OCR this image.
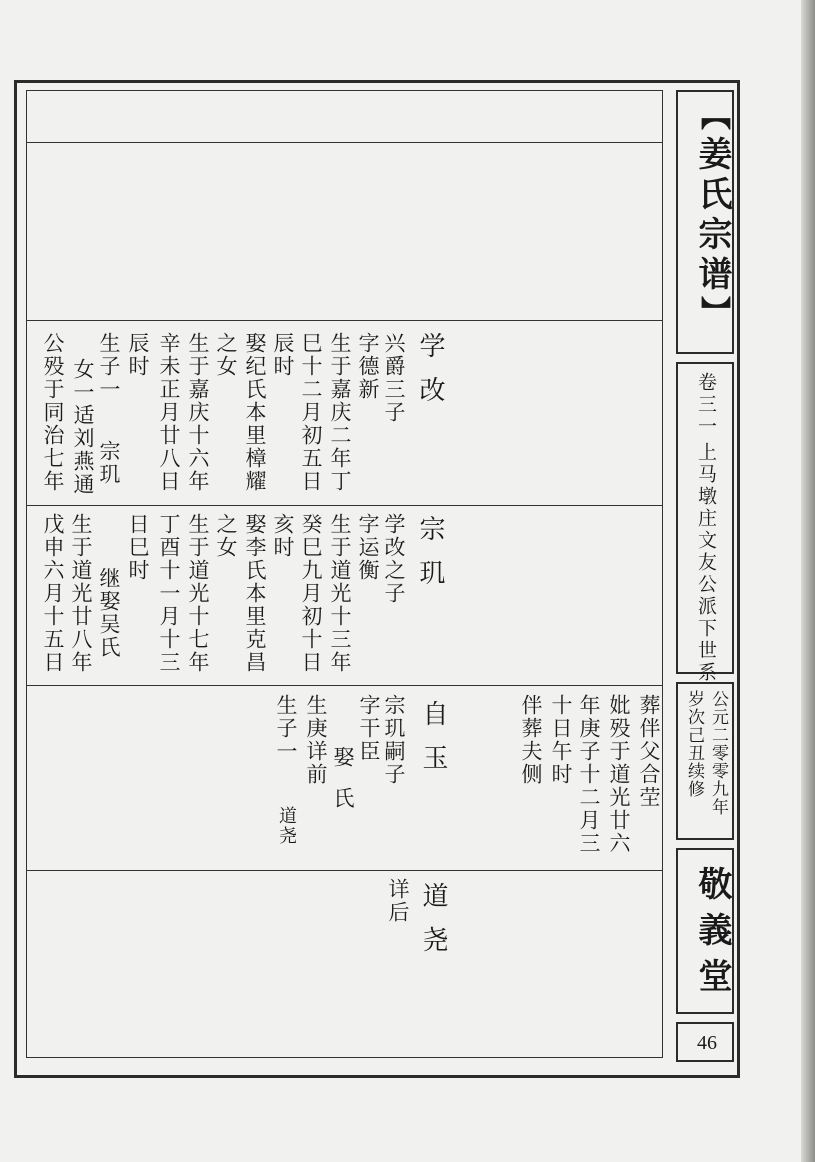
学改
兴爵三子
字德新
生于嘉庆二年丁
巳十二月初五日
辰时
娶纪氏本里樟耀
之女
生于嘉庆十六年
辛未正月廿八日
辰时
生子一
女一适刘燕通
公殁于同治七年 宗玑
宗玑
学改之子
字运衡
生于道光十三年
癸巳九月初十日
亥时
娶李氏本里克昌
之女
生于道光十七年
丁酉十一月十三
日巳时
继娶吴氏
生于道光廿八年
戊申六月十五日
葬伴父合茔
妣殁于道光廿六
年庚子十二月三
十日午时
伴葬夫侧
自玉
宗玑嗣子
字干臣
娶氏
生庚详前
生子一
道尧
道尧
详后
【姜氏宗谱】
卷三一
上马墩庄文友公派下世系
公元二零零九年
岁次己丑续修
敬義堂
46
